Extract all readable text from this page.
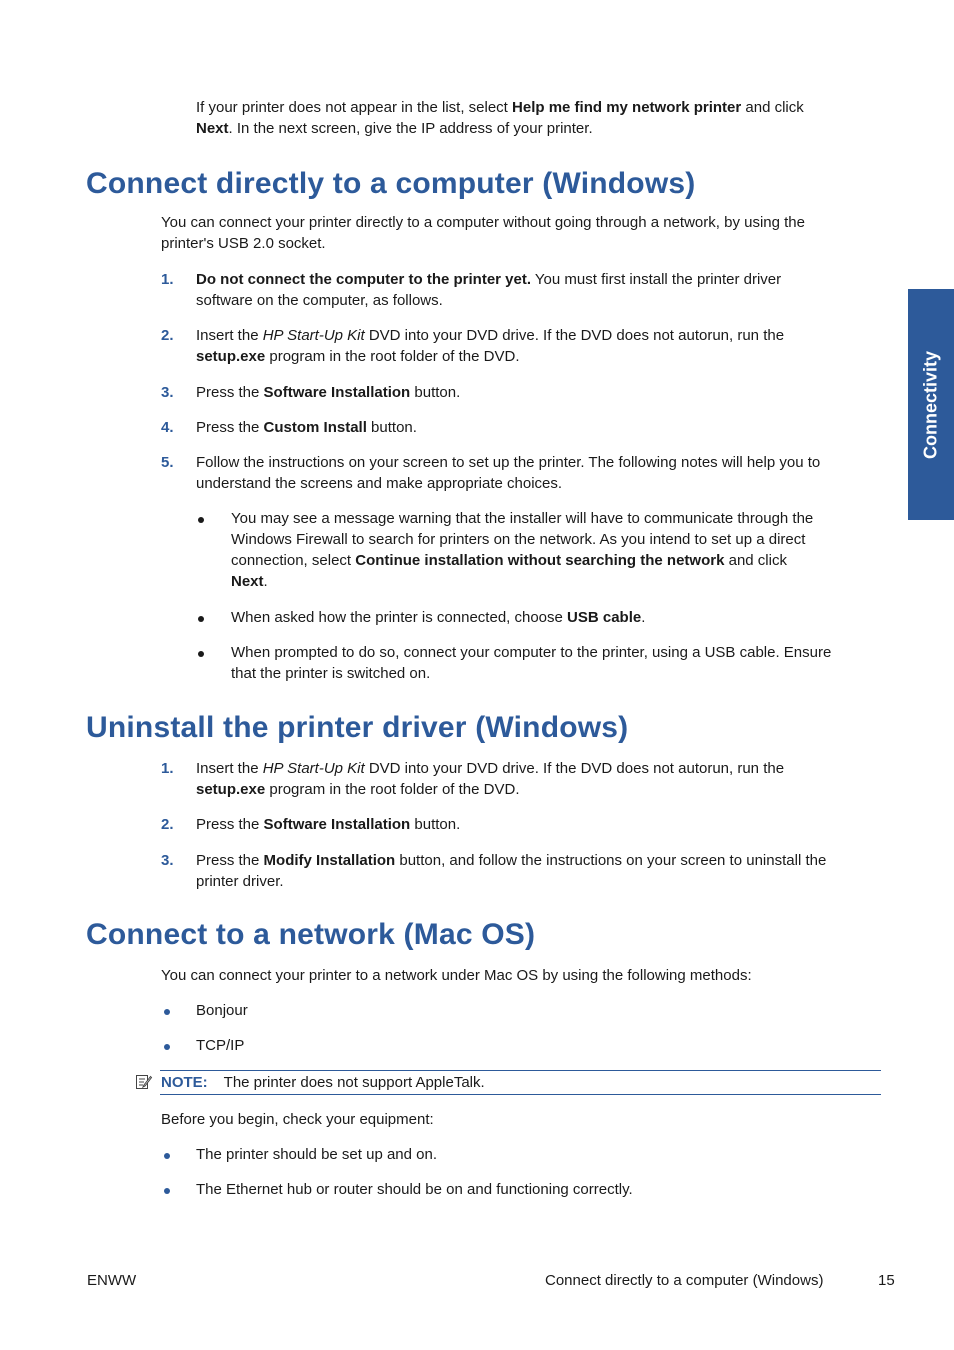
If your printer does not appear in the list, select Help me find my network printer and click

Next. In the next screen, give the IP address of your printer.

Connect directly to a computer (Windows)

You can connect your printer directly to a computer without going through a network, by using the

printer's USB 2.0 socket.

1. Do not connect the computer to the printer yet. You must first install the printer driver

software on the computer, as follows.

2. Insert the HP Start-Up Kit DVD into your DVD drive. If the DVD does not autorun, run the

setup.exe program in the root folder of the DVD.

3. Press the Software Installation button.

4. Press the Custom Install button.

5. Follow the instructions on your screen to set up the printer. The following notes will help you to

understand the screens and make appropriate choices.

You may see a message warning that the installer will have to communicate through the

Windows Firewall to search for printers on the network. As you intend to set up a direct

connection, select Continue installation without searching the network and click

Next.

When asked how the printer is connected, choose USB cable.

When prompted to do so, connect your computer to the printer, using a USB cable. Ensure

that the printer is switched on.

Uninstall the printer driver (Windows)
1. Insert the HP Start-Up Kit DVD into your DVD drive. If the DVD does not autorun, run the

setup.exe program in the root folder of the DVD.

2. Press the Software Installation button.

3. Press the Modify Installation button, and follow the instructions on your screen to uninstall the

printer driver.

Connect to a network (Mac OS)

You can connect your printer to a network under Mac OS by using the following methods:

Bonjour

TCP/IP

NOTE: The printer does not support AppleTalk.

Before you begin, check your equipment:

The printer should be set up and on.

The Ethernet hub or router should be on and functioning correctly.

Connectivity

ENWW	Connect directly to a computer (Windows)	15
